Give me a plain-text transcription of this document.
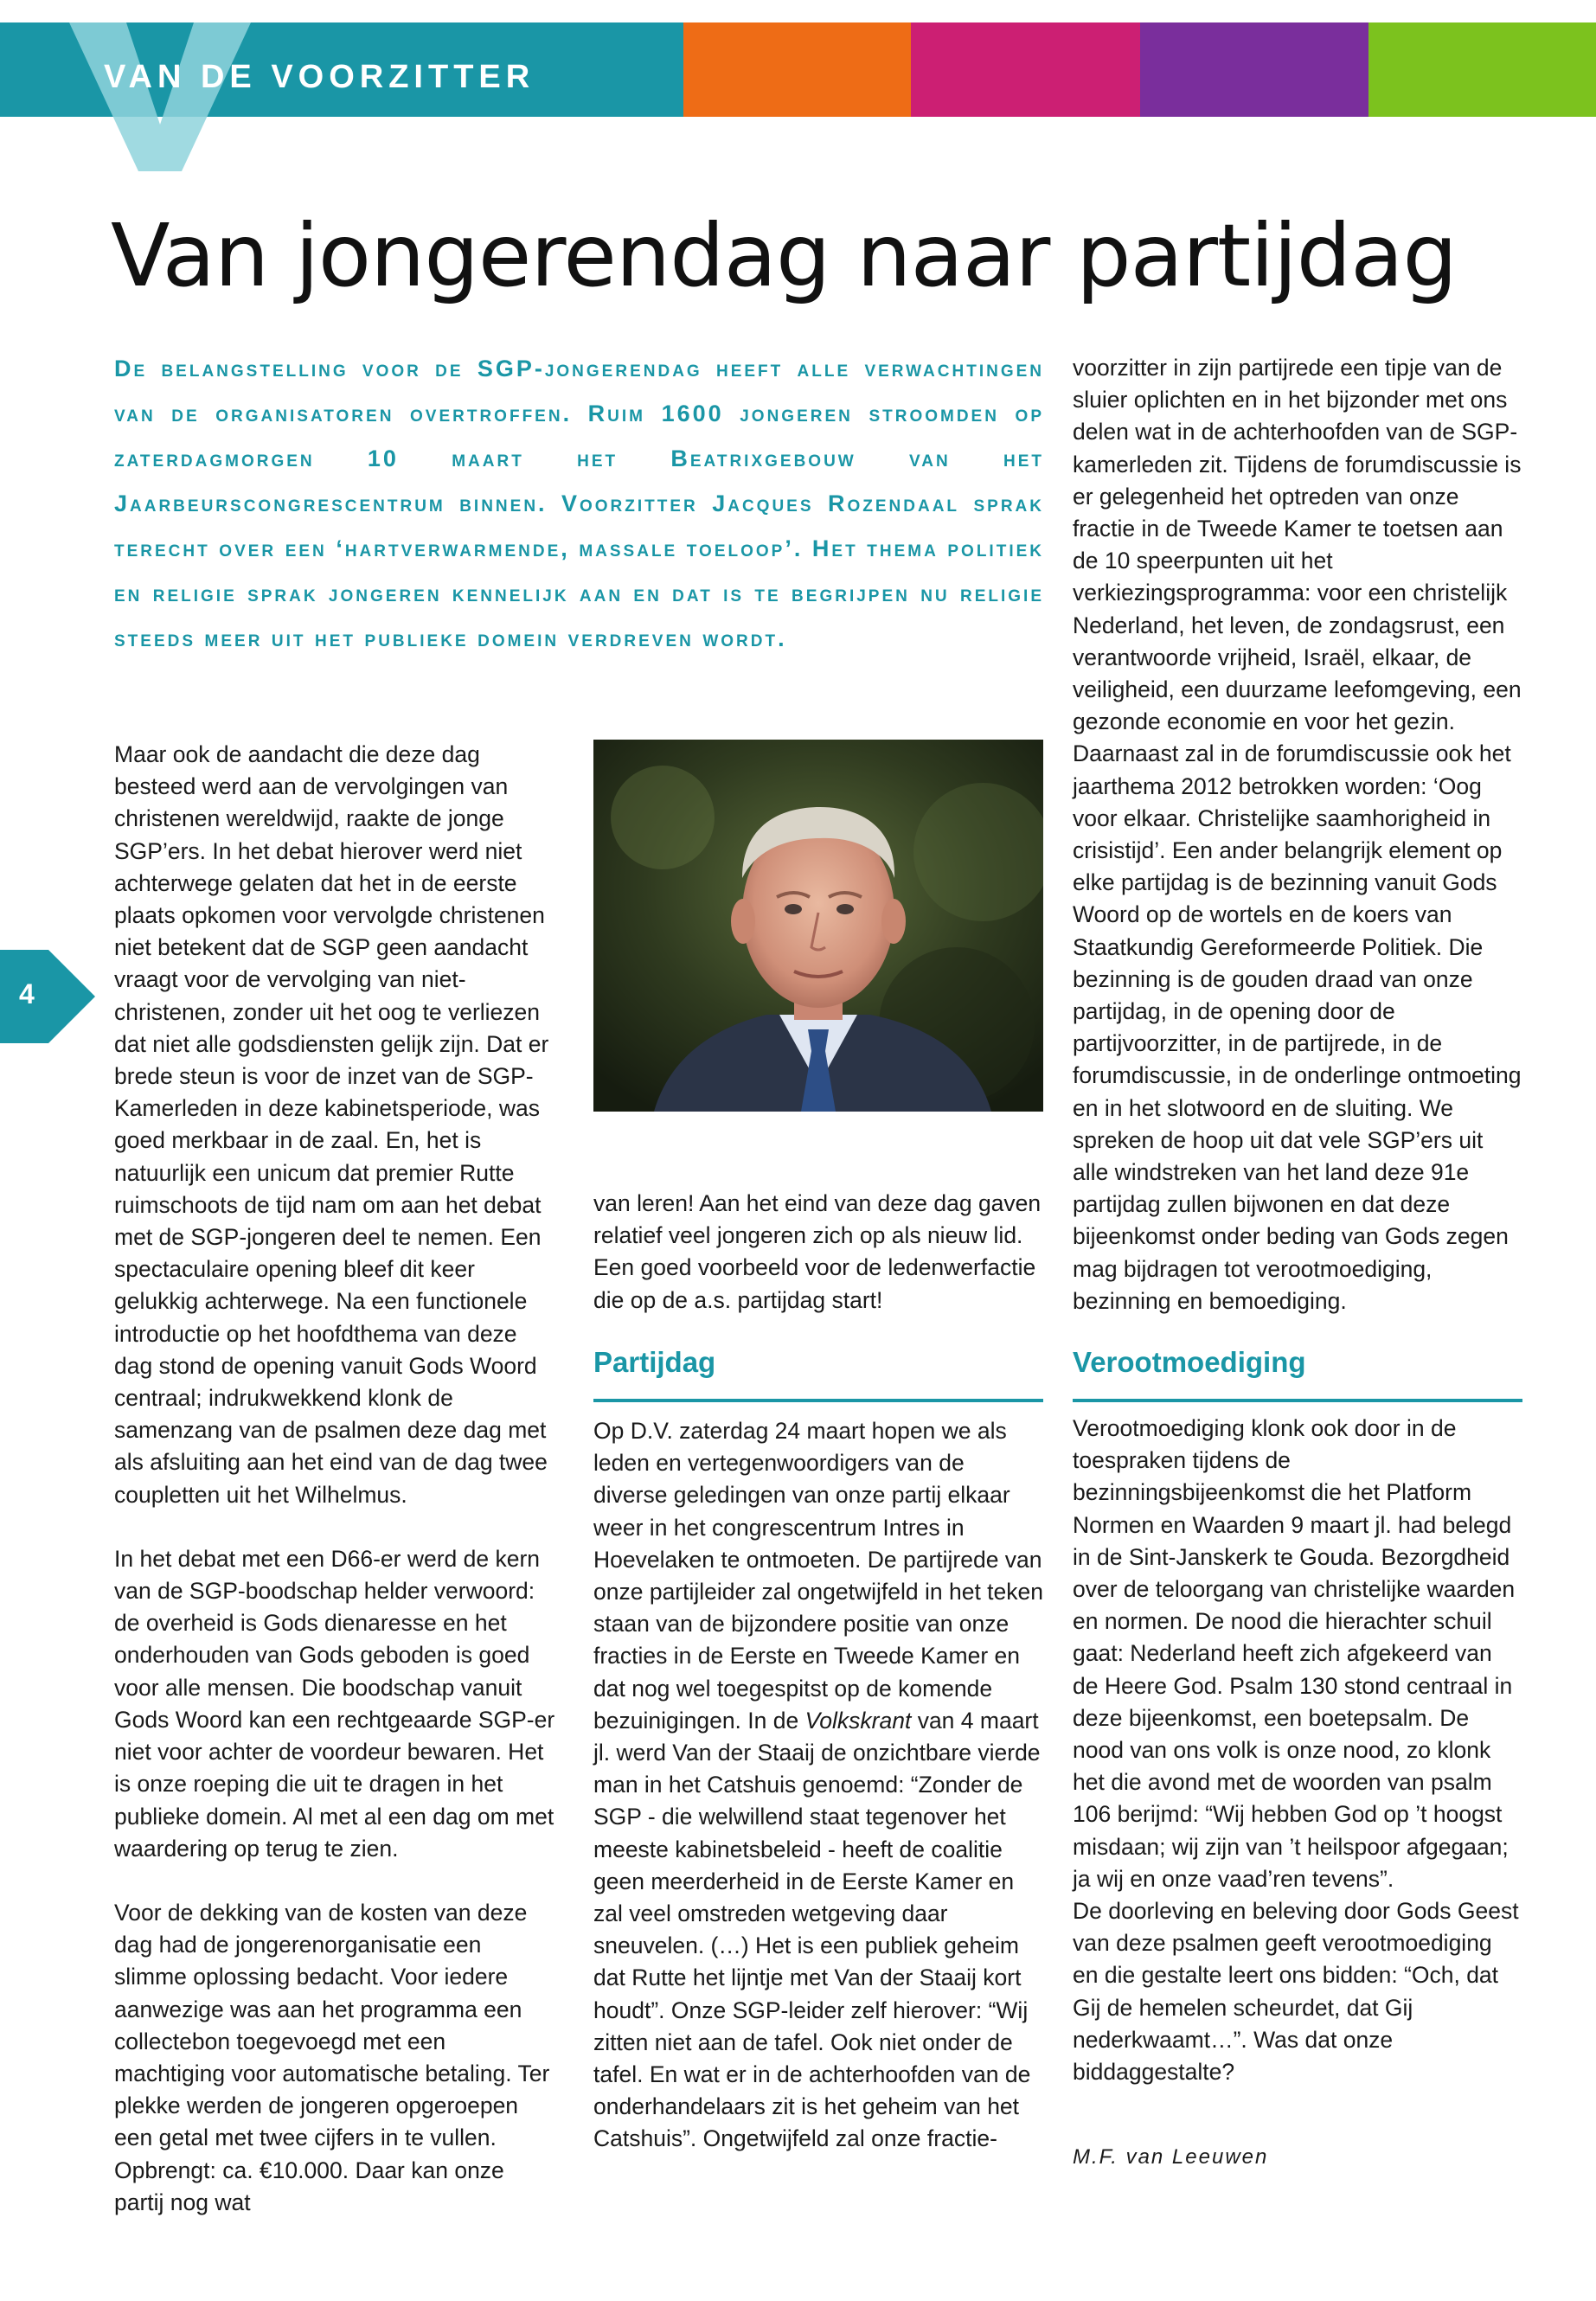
VAN DE VOORZITTER
Van jongerendag naar partijdag

De belangstelling voor de SGP-jongerendag heeft alle verwachtingen van de organisatoren overtroffen. Ruim 1600 jongeren stroomden op zaterdagmorgen 10 maart het Beatrixgebouw van het Jaarbeurscongrescentrum binnen. Voorzitter Jacques Rozendaal sprak terecht over een ‘hartverwarmende, massale toeloop’. Het thema politiek en religie sprak jongeren kennelijk aan en dat is te begrijpen nu religie steeds meer uit het publieke domein verdreven wordt.

Maar ook de aandacht die deze dag besteed werd aan de vervolgingen van christenen wereldwijd, raakte de jonge SGP’ers. In het debat hierover werd niet achterwege gelaten dat het in de eerste plaats opkomen voor vervolgde christenen niet betekent dat de SGP geen aandacht vraagt voor de vervolging van niet-christenen, zonder uit het oog te verliezen dat niet alle godsdiensten gelijk zijn. Dat er brede steun is voor de inzet van de SGP-Kamerleden in deze kabinetsperiode, was goed merkbaar in de zaal. En, het is natuurlijk een unicum dat premier Rutte ruimschoots de tijd nam om aan het debat met de SGP-jongeren deel te nemen. Een spectaculaire opening bleef dit keer gelukkig achterwege. Na een functionele introductie op het hoofdthema van deze dag stond de opening vanuit Gods Woord centraal; indrukwekkend klonk de samenzang van de psalmen deze dag met als afsluiting aan het eind van de dag twee coupletten uit het Wilhelmus.

In het debat met een D66-er werd de kern van de SGP-boodschap helder verwoord: de overheid is Gods dienaresse en het onderhouden van Gods geboden is goed voor alle mensen. Die boodschap vanuit Gods Woord kan een rechtgeaarde SGP-er niet voor achter de voordeur bewaren. Het is onze roeping die uit te dragen in het publieke domein. Al met al een dag om met waardering op terug te zien.

Voor de dekking van de kosten van deze dag had de jongerenorganisatie een slimme oplossing bedacht. Voor iedere aanwezige was aan het programma een collectebon toegevoegd met een machtiging voor automatische betaling. Ter plekke werden de jongeren opgeroepen een getal met twee cijfers in te vullen. Opbrengt: ca. €10.000. Daar kan onze partij nog wat

van leren! Aan het eind van deze dag gaven relatief veel jongeren zich op als nieuw lid. Een goed voorbeeld voor de ledenwerfactie die op de a.s. partijdag start!

Partijdag

Op D.V. zaterdag 24 maart hopen we als leden en vertegenwoordigers van de diverse geledingen van onze partij elkaar weer in het congrescentrum Intres in Hoevelaken te ontmoeten. De partijrede van onze partijleider zal ongetwijfeld in het teken staan van de bijzondere positie van onze fracties in de Eerste en Tweede Kamer en dat nog wel toegespitst op de komende bezuinigingen. In de Volkskrant van 4 maart jl. werd Van der Staaij de onzichtbare vierde man in het Catshuis genoemd: “Zonder de SGP - die welwillend staat tegenover het meeste kabinetsbeleid - heeft de coalitie geen meerderheid in de Eerste Kamer en zal veel omstreden wetgeving daar sneuvelen. (…) Het is een publiek geheim dat Rutte het lijntje met Van der Staaij kort houdt”. Onze SGP-leider zelf hierover: “Wij zitten niet aan de tafel. Ook niet onder de tafel. En wat er in de achterhoofden van de onderhandelaars zit is het geheim van het Catshuis”. Ongetwijfeld zal onze fractie-

voorzitter in zijn partijrede een tipje van de sluier oplichten en in het bijzonder met ons delen wat in de achterhoofden van de SGP-kamerleden zit. Tijdens de forumdiscussie is er gelegenheid het optreden van onze fractie in de Tweede Kamer te toetsen aan de 10 speerpunten uit het verkiezingsprogramma: voor een christelijk Nederland, het leven, de zondagsrust, een verantwoorde vrijheid, Israël, elkaar, de veiligheid, een duurzame leefomgeving, een gezonde economie en voor het gezin. Daarnaast zal in de forumdiscussie ook het jaarthema 2012 betrokken worden: ‘Oog voor elkaar. Christelijke saamhorigheid in crisistijd’. Een ander belangrijk element op elke partijdag is de bezinning vanuit Gods Woord op de wortels en de koers van Staatkundig Gereformeerde Politiek. Die bezinning is de gouden draad van onze partijdag, in de opening door de partijvoorzitter, in de partijrede, in de forumdiscussie, in de onderlinge ontmoeting en in het slotwoord en de sluiting. We spreken de hoop uit dat vele SGP’ers uit alle windstreken van het land deze 91e partijdag zullen bijwonen en dat deze bijeenkomst onder beding van Gods zegen mag bijdragen tot verootmoediging, bezinning en bemoediging.

Verootmoediging

Verootmoediging klonk ook door in de toespraken tijdens de bezinningsbijeenkomst die het Platform Normen en Waarden 9 maart jl. had belegd in de Sint-Janskerk te Gouda. Bezorgdheid over de teloorgang van christelijke waarden en normen. De nood die hierachter schuil gaat: Nederland heeft zich afgekeerd van de Heere God. Psalm 130 stond centraal in deze bijeenkomst, een boetepsalm. De nood van ons volk is onze nood, zo klonk het die avond met de woorden van psalm 106 berijmd: “Wij hebben God op ’t hoogst misdaan; wij zijn van ’t heilspoor afgegaan; ja wij en onze vaad’ren tevens”.

De doorleving en beleving door Gods Geest van deze psalmen geeft verootmoediging en die gestalte leert ons bidden: “Och, dat Gij de hemelen scheurdet, dat Gij nederkwaamt…”. Was dat onze biddaggestalte?

M.F. van Leeuwen

4
